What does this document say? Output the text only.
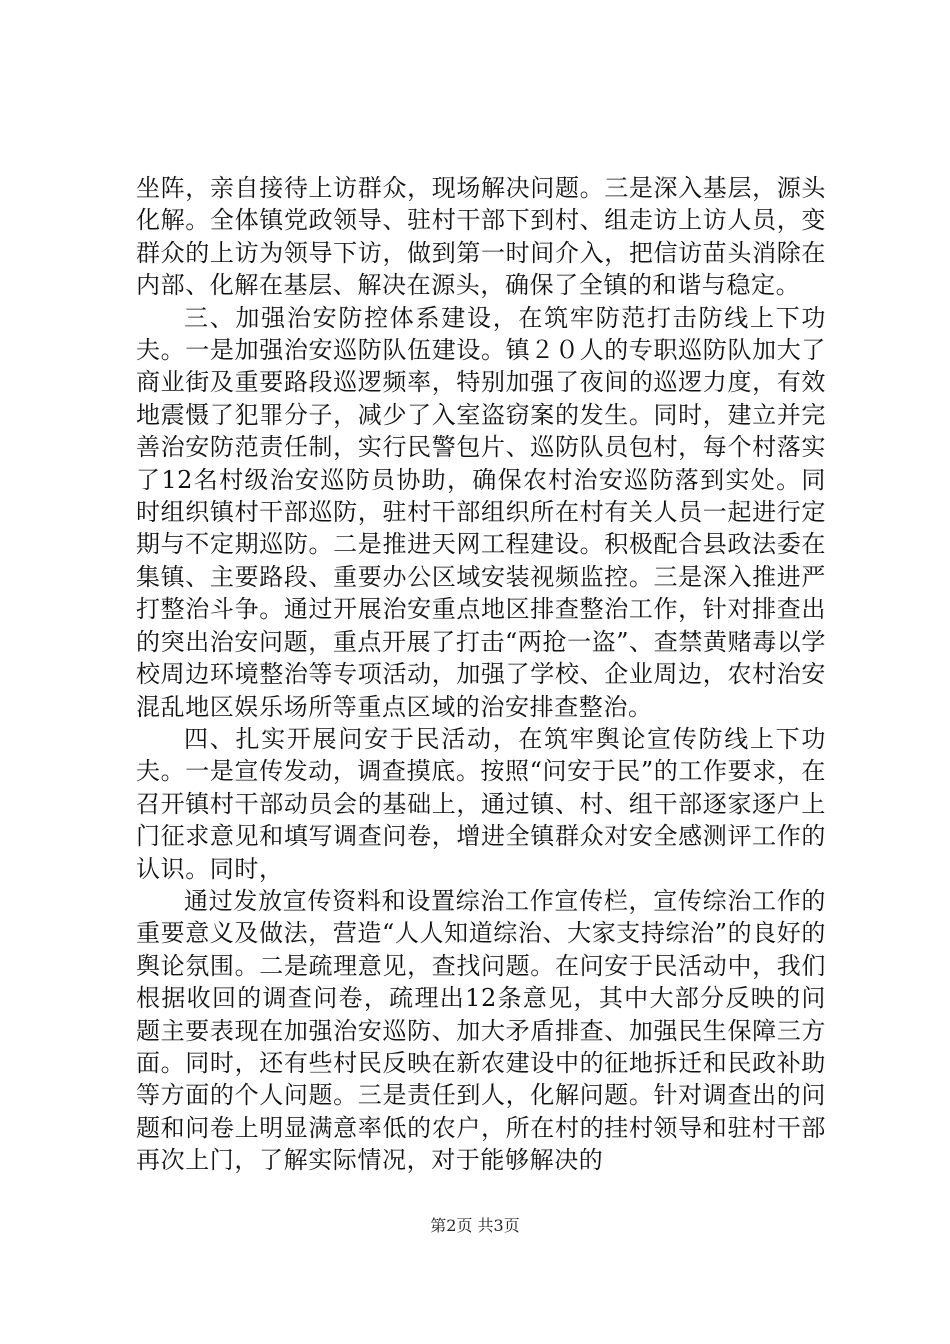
坐阵，亲自接待上访群众，现场解决问题。三是深入基层，源头化解。全体镇党政领导、驻村干部下到村、组走访上访人员，变群众的上访为领导下访，做到第一时间介入，把信访苗头消除在内部、化解在基层、解决在源头，确保了全镇的和谐与稳定。

三、加强治安防控体系建设，在筑牢防范打击防线上下功夫。一是加强治安巡防队伍建设。镇２０人的专职巡防队加大了商业街及重要路段巡逻频率，特别加强了夜间的巡逻力度，有效地震慑了犯罪分子，减少了入室盗窃案的发生。同时，建立并完善治安防范责任制，实行民警包片、巡防队员包村，每个村落实了12名村级治安巡防员协助，确保农村治安巡防落到实处。同时组织镇村干部巡防，驻村干部组织所在村有关人员一起进行定期与不定期巡防。二是推进天网工程建设。积极配合县政法委在集镇、主要路段、重要办公区域安装视频监控。三是深入推进严打整治斗争。通过开展治安重点地区排查整治工作，针对排查出的突出治安问题，重点开展了打击“两抢一盗”、查禁黄赌毒以学校周边环境整治等专项活动，加强了学校、企业周边，农村治安混乱地区娱乐场所等重点区域的治安排查整治。

四、扎实开展问安于民活动，在筑牢舆论宣传防线上下功夫。一是宣传发动，调查摸底。按照“问安于民”的工作要求，在召开镇村干部动员会的基础上，通过镇、村、组干部逐家逐户上门征求意见和填写调查问卷，增进全镇群众对安全感测评工作的认识。同时，

通过发放宣传资料和设置综治工作宣传栏，宣传综治工作的重要意义及做法，营造“人人知道综治、大家支持综治”的良好的舆论氛围。二是疏理意见，查找问题。在问安于民活动中，我们根据收回的调查问卷，疏理出12条意见，其中大部分反映的问题主要表现在加强治安巡防、加大矛盾排查、加强民生保障三方面。同时，还有些村民反映在新农建设中的征地拆迁和民政补助等方面的个人问题。三是责任到人，化解问题。针对调查出的问题和问卷上明显满意率低的农户，所在村的挂村领导和驻村干部再次上门，了解实际情况，对于能够解决的

第2页 共3页
